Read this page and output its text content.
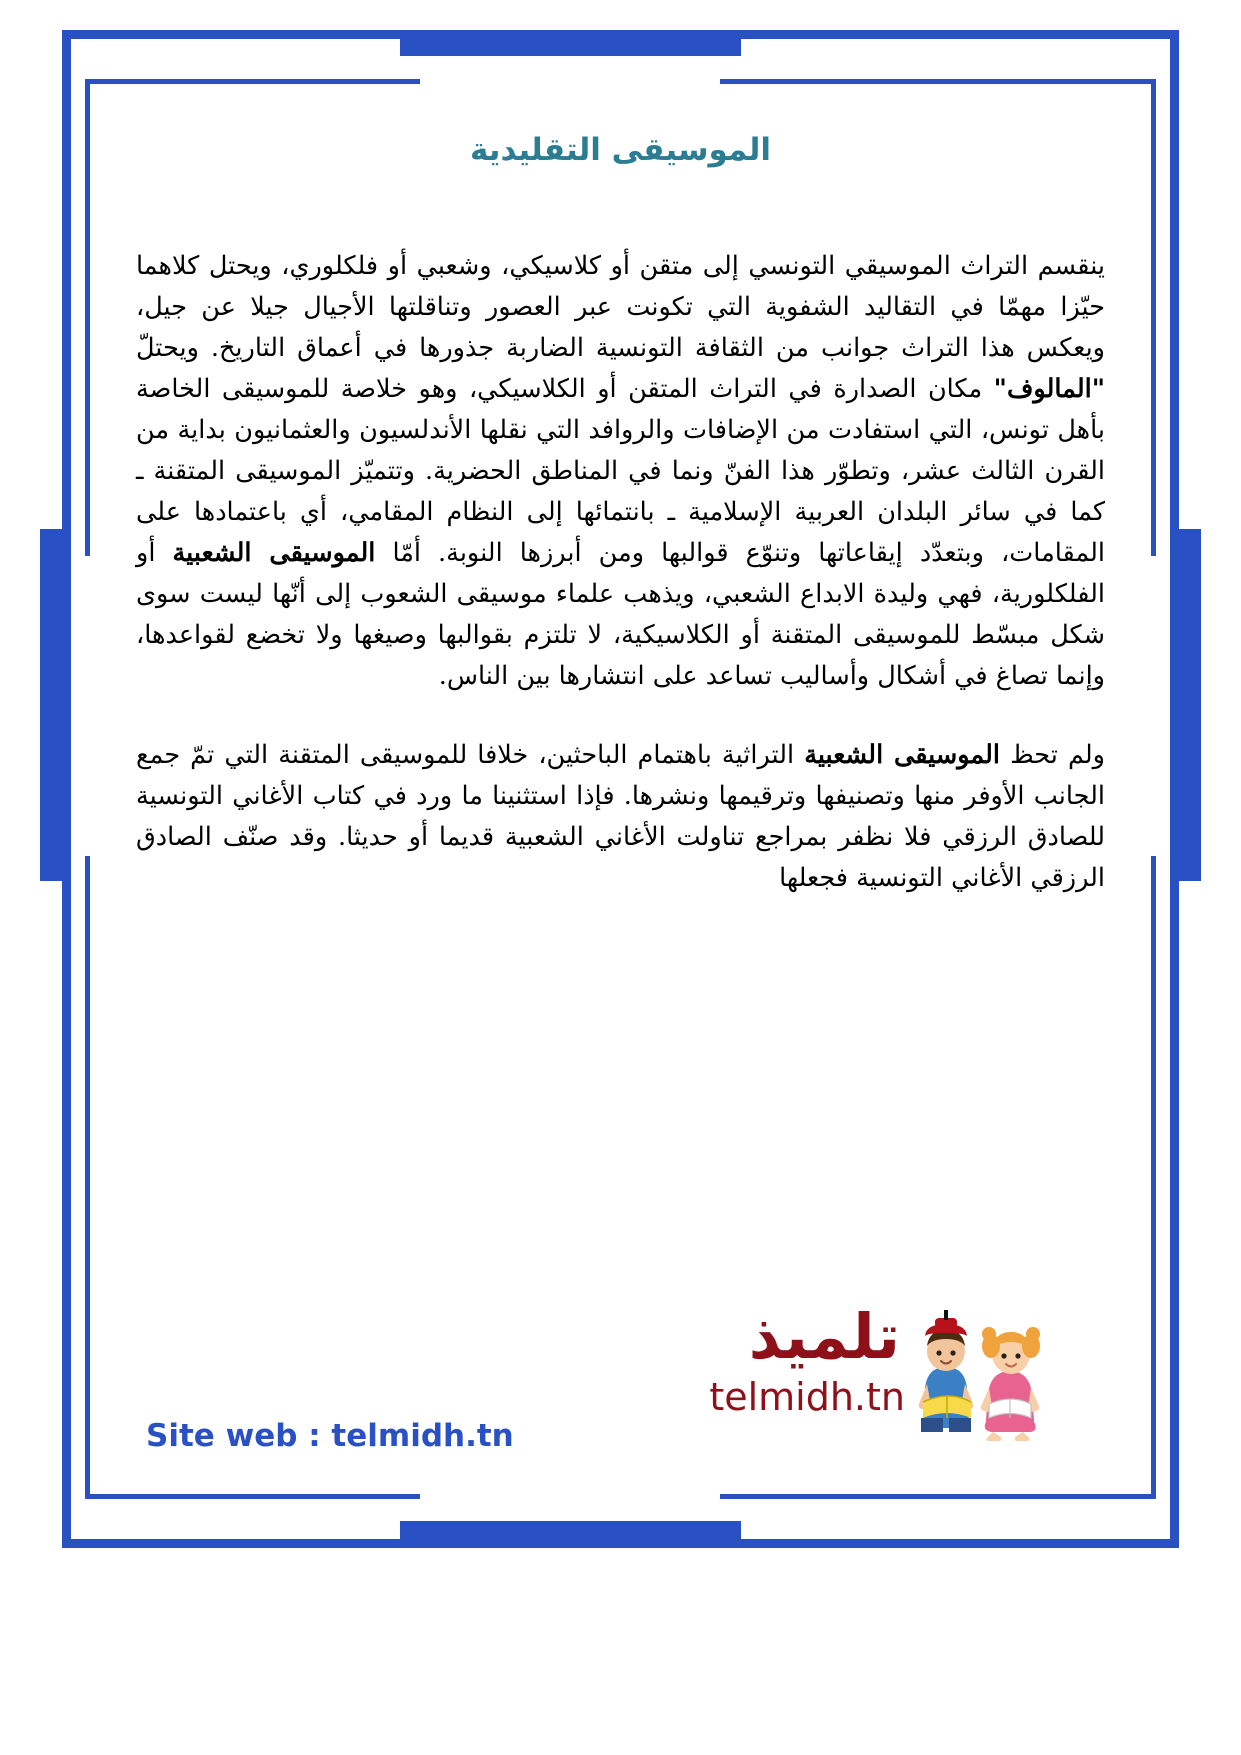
الموسيقى التقليدية

ينقسم التراث الموسيقي التونسي إلى متقن أو كلاسيكي، وشعبي أو فلكلوري، ويحتل كلاهما حيّزا مهمّا في التقاليد الشفوية التي تكونت عبر العصور وتناقلتها الأجيال جيلا عن جيل، ويعكس هذا التراث جوانب من الثقافة التونسية الضاربة جذورها في أعماق التاريخ. ويحتلّ "المالوف" مكان الصدارة في التراث المتقن أو الكلاسيكي، وهو خلاصة للموسيقى الخاصة بأهل تونس، التي استفادت من الإضافات والروافد التي نقلها الأندلسيون والعثمانيون بداية من القرن الثالث عشر، وتطوّر هذا الفنّ ونما في المناطق الحضرية. وتتميّز الموسيقى المتقنة ـ كما في سائر البلدان العربية الإسلامية ـ بانتمائها إلى النظام المقامي، أي باعتمادها على المقامات، وبتعدّد إيقاعاتها وتنوّع قوالبها ومن أبرزها النوبة. أمّا الموسيقى الشعبية أو الفلكلورية، فهي وليدة الابداع الشعبي، ويذهب علماء موسيقى الشعوب إلى أنّها ليست سوى شكل مبسّط للموسيقى المتقنة أو الكلاسيكية، لا تلتزم بقوالبها وصيغها ولا تخضع لقواعدها، وإنما تصاغ في أشكال وأساليب تساعد على انتشارها بين الناس.

ولم تحظ الموسيقى الشعبية التراثية باهتمام الباحثين، خلافا للموسيقى المتقنة التي تمّ جمع الجانب الأوفر منها وتصنيفها وترقيمها ونشرها. فإذا استثنينا ما ورد في كتاب الأغاني التونسية للصادق الرزقي فلا نظفر بمراجع تناولت الأغاني الشعبية قديما أو حديثا. وقد صنّف الصادق الرزقي الأغاني التونسية فجعلها

Site web : telmidh.tn
تلميذ
telmidh.tn
